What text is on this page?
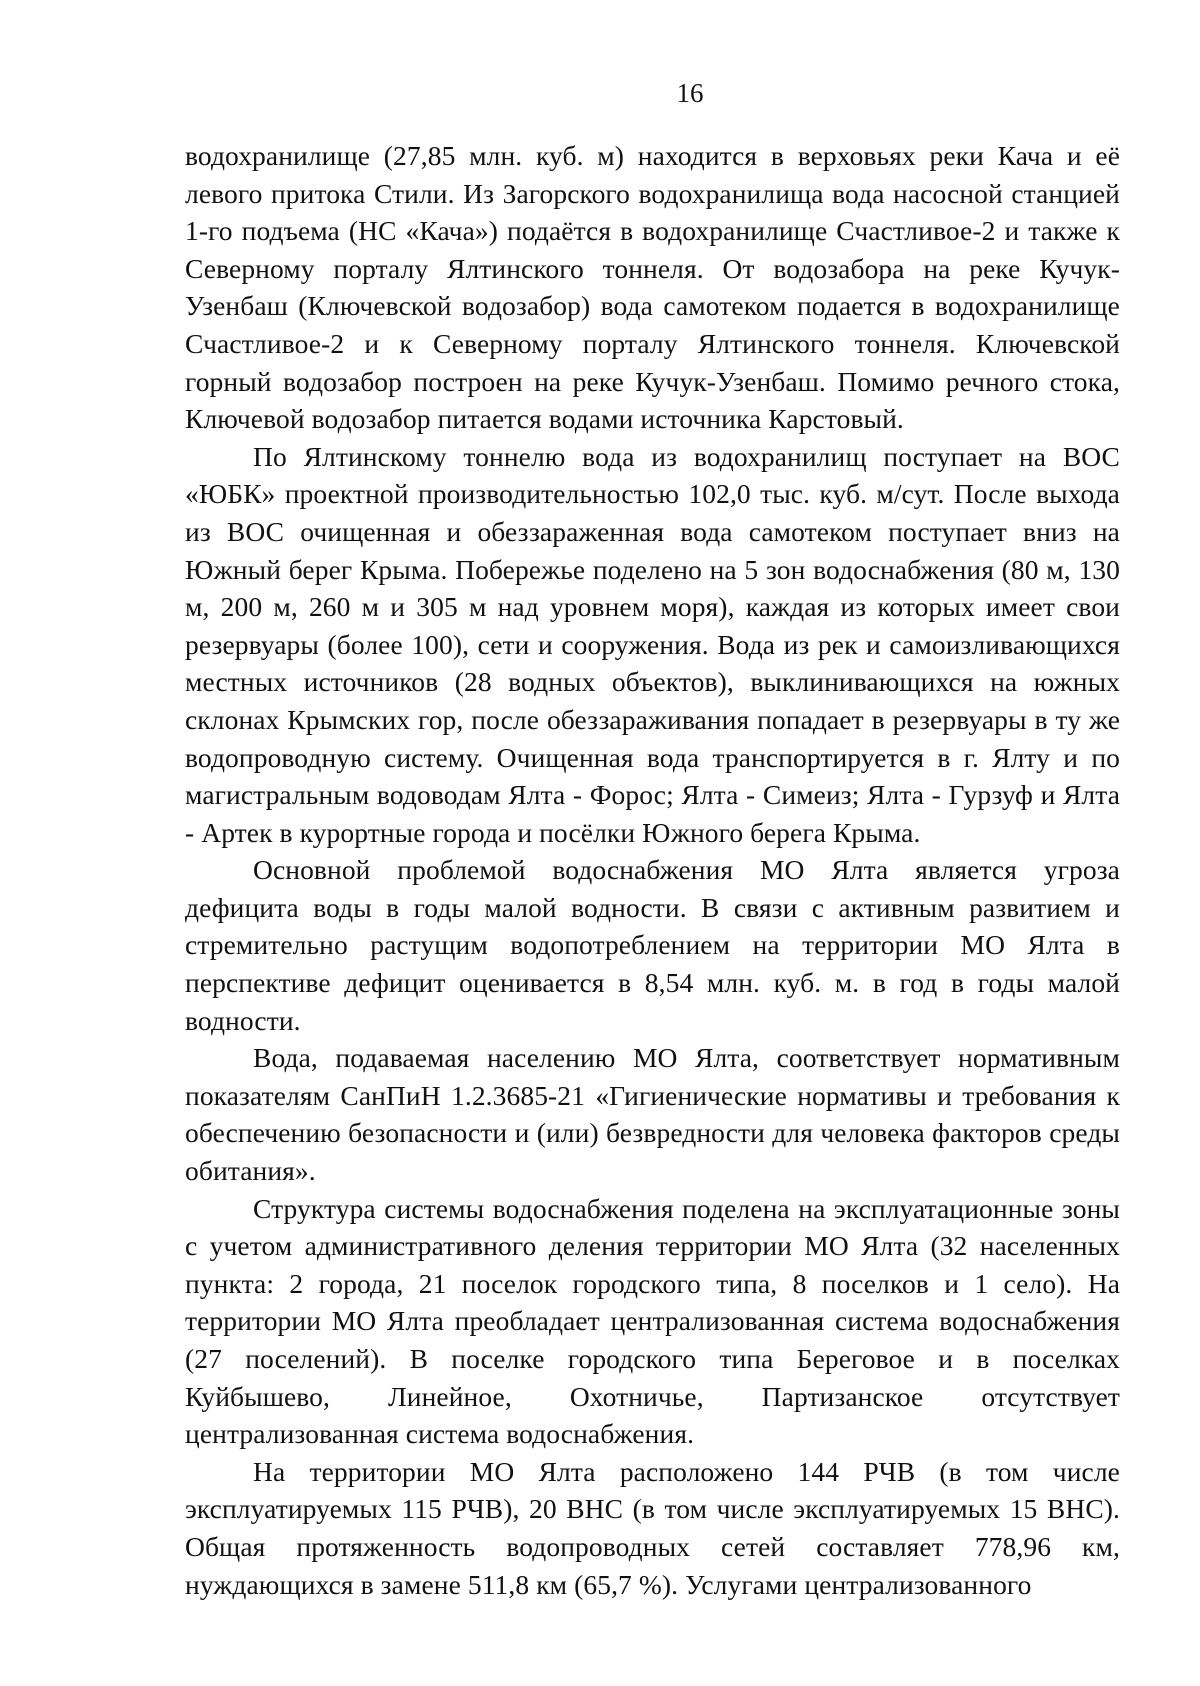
16

водохранилище (27,85 млн. куб. м) находится в верховьях реки Кача и её левого притока Стили. Из Загорского водохранилища вода насосной станцией 1-го подъема (НС «Кача») подаётся в водохранилище Счастливое-2 и также к Северному порталу Ялтинского тоннеля. От водозабора на реке Кучук-Узенбаш (Ключевской водозабор) вода самотеком подается в водохранилище Счастливое-2 и к Северному порталу Ялтинского тоннеля. Ключевской горный водозабор построен на реке Кучук-Узенбаш. Помимо речного стока, Ключевой водозабор питается водами источника Карстовый.

По Ялтинскому тоннелю вода из водохранилищ поступает на ВОС «ЮБК» проектной производительностью 102,0 тыс. куб. м/сут. После выхода из ВОС очищенная и обеззараженная вода самотеком поступает вниз на Южный берег Крыма. Побережье поделено на 5 зон водоснабжения (80 м, 130 м, 200 м, 260 м и 305 м над уровнем моря), каждая из которых имеет свои резервуары (более 100), сети и сооружения. Вода из рек и самоизливающихся местных источников (28 водных объектов), выклинивающихся на южных склонах Крымских гор, после обеззараживания попадает в резервуары в ту же водопроводную систему. Очищенная вода транспортируется в г. Ялту и по магистральным водоводам Ялта - Форос; Ялта - Симеиз; Ялта - Гурзуф и Ялта - Артек в курортные города и посёлки Южного берега Крыма.

Основной проблемой водоснабжения МО Ялта является угроза дефицита воды в годы малой водности. В связи с активным развитием и стремительно растущим водопотреблением на территории МО Ялта в перспективе дефицит оценивается в 8,54 млн. куб. м. в год в годы малой водности.

Вода, подаваемая населению МО Ялта, соответствует нормативным показателям СанПиН 1.2.3685-21 «Гигиенические нормативы и требования к обеспечению безопасности и (или) безвредности для человека факторов среды обитания».

Структура системы водоснабжения поделена на эксплуатационные зоны с учетом административного деления территории МО Ялта (32 населенных пункта: 2 города, 21 поселок городского типа, 8 поселков и 1 село). На территории МО Ялта преобладает централизованная система водоснабжения (27 поселений). В поселке городского типа Береговое и в поселках Куйбышево, Линейное, Охотничье, Партизанское отсутствует централизованная система водоснабжения.

На территории МО Ялта расположено 144 РЧВ (в том числе эксплуатируемых 115 РЧВ), 20 ВНС (в том числе эксплуатируемых 15 ВНС). Общая протяженность водопроводных сетей составляет 778,96 км, нуждающихся в замене 511,8 км (65,7 %). Услугами централизованного
